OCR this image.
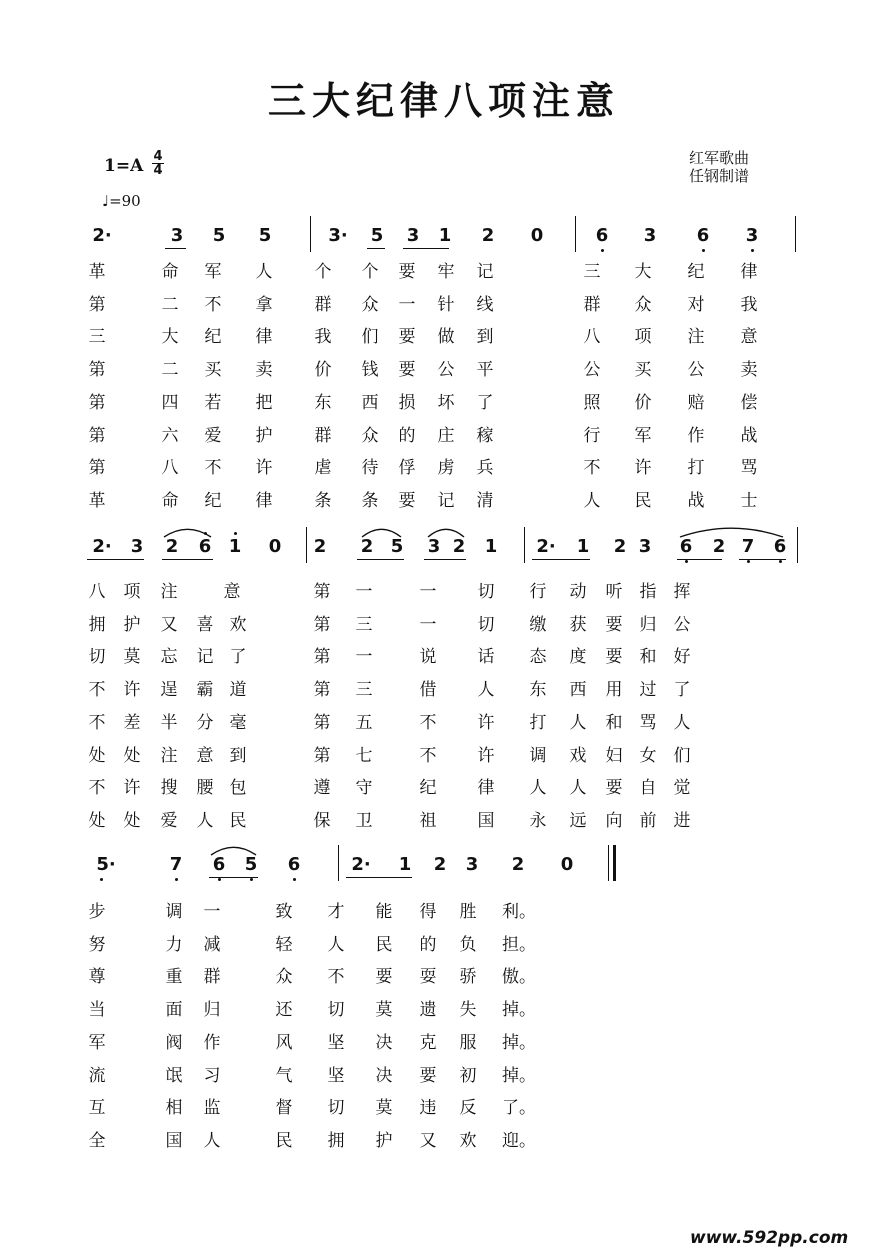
三大纪律八项注意
1=A 4
4
♩=90
红军歌曲
任钢制谱
2·	3 5 5	3· 5 3 1 2 0	6 3 6 3
革	命 军 人 个 个 要 牢 记	三 大 纪 律
第	二 不 拿 群 众 一 针 线	群 众 对 我
三	大 纪 律 我 们 要 做 到	八 项 注 意
第	二 买 卖 价 钱 要 公 平	公 买 公 卖
第	四 若 把 东 西 损 坏 了	照 价 赔 偿
第	六 爱 护 群 众 的 庄 稼	行 军 作 战
第	八 不 许 虐 待 俘 虏 兵	不 许 打 骂
革	命 纪 律 条 条 要 记 清	人 民 战 士
2· 3 2 6 1 0 2 2 5 3 2 1 2· 1 2 3 6 2 7 6
八 项 注	意	第 一	一 切 行 动 听 指 挥
拥 护 又 喜 欢	第 三	一 切 缴 获 要 归 公
切 莫 忘 记 了	第 一	说 话 态 度 要 和 好
不 许 逞 霸 道	第 三	借 人 东 西 用 过 了
不 差 半 分 毫	第 五	不 许 打 人 和 骂 人
处 处 注 意 到	第 七	不 许 调 戏 妇 女 们
不 许 搜 腰 包	遵 守	纪 律 人 人 要 自 觉
处 处 爱 人 民	保 卫	祖 国 永 远 向 前 进
5·	7 6 5 6	2· 1 2 3 2 0
步	调 一	致 才 能 得 胜 利。
努	力 减	轻 人 民 的 负 担。
尊	重 群	众 不 要 耍 骄 傲。
当	面 归	还 切 莫 遗 失 掉。
军	阀 作	风 坚 决 克 服 掉。
流	氓 习	气 坚 决 要 初 掉。
互	相 监	督 切 莫 违 反 了。
全	国 人	民 拥 护 又 欢 迎。
www.592pp.com
